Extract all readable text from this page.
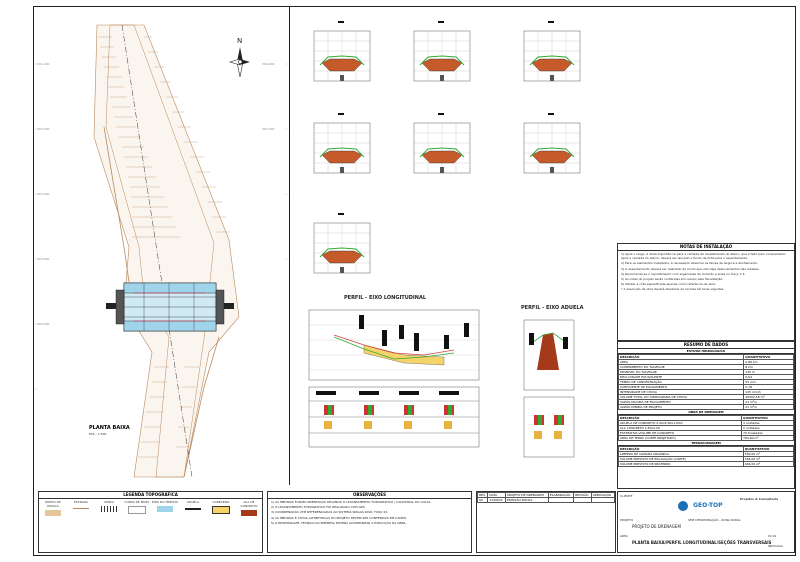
N
PLANTA BAIXA
ESC.: 1:500
301.000
302.000
303.000
304.000
305.000
306.000
307.000
PERFIL - EIXO LONGITUDINAL
PERFIL - EIXO ADUELA
NOTAS DE INSTALAÇÃO
1) Após o rasgo, é dada importância para a camada de revestimento do aterro, que é feito pelo compactador. Após a camada do aterro, deverá ser lançado o fundo de brita para o assentamento.
2) Para os elementos instalados, é necessário observar as faixas de largura e alinhamento.
3) O assentamento deverá ser realizado de modo que não haja deslocamentos das aduelas.
4) Recomenda-se o rejuntamento com argamassa de cimento e areia no traço 1:3.
5) As cotas do projeto serão conferidas em campo pela fiscalização.
6) Utilizar a cota especificada apenas como referência de obra.
* A execução da obra deverá obedecer às normas técnicas vigentes.
RESUMO DE DADOS
ESTUDO HIDROLÓGICO
DESCRIÇÃO	QUANTITATIVO
ÁREA	2,86 km
COMPRIMENTO DO TALVEGUE	8 km
DESNÍVEL DO TALVEGUE	135 m
DECLIVIDADE EQUIVALENTE	0,04
TEMPO DE CONCENTRAÇÃO	55 min
COEFICIENTE DE ESCOAMENTO	0,18
INTENSIDADE DE CHUVA	125 mm/h
VOLUME TOTAL DO HIDROGRAMA DE CHUVA	46302,58 m³
VAZÃO MÁXIMA DE ESCOAMENTO	21 m³/s
VAZÃO MÍNIMA DE PROJETO	21 m³/s
OBRA DE DRENAGEM
DESCRIÇÃO	QUANTITATIVO
ADUELA DE CONCRETO 2,50x2,50x1,00m	3 unidades
ALA CONCRETO 2,50x2,50	2 unidades
ESTIMATIVA VOLUME DE CONCRETO	70 toneladas
ÁREA DE TERRA (CORTE PROJETADO)	764,00 m³
TERRAPLENAGEM
DESCRIÇÃO	QUANTITATIVO
LIMPEZA DE CAMADA ORGÂNICA	530,00 m²
VOLUME PREVISTO DE ESCAVAÇÃO (CORTE)	764,00 m³
VOLUME PREVISTO DE REATERRO	904,00 m³
LEGENDA TOPOGRÁFICA
PONTO DE ESTACA
ESTRADA	CERCA	CURVA DE NÍVEL EIXO DO TRECHO	ADUELA	CABECEIRA	ALA DE CONCRETO
OBSERVAÇÕES
1) AS MEDIDAS FORAM ORIENTADAS SEGUNDO O LEVANTAMENTO TOPOGRÁFICO / CADASTRAL DO LOCAL.
2) O LEVANTAMENTO TOPOGRÁFICO FOI REALIZADO COM GPS.
3) COORDENADAS UTM REFERENCIADAS AO SISTEMA SIRGAS 2000, FUSO 23.
4) AS MEDIDAS E COTAS ALTIMÉTRICAS DO PROJETO DEVEM SER CONFERIDAS EM CAMPO.
5) O RESPONSÁVEL TÉCNICO DA EMPRESA DEVERÁ ACOMPANHAR A EXECUÇÃO DA OBRA.
REV.	DATA	PROJETO DE DRENAGEM	ELABORAÇÃO	REVISÃO	APROVAÇÃO
00	17/08/21	EMISSÃO INICIAL			
CLIENTE
GEO-TOP
Projetos & Consultoria
PROJETO
PROJETO DE DRENAGEM
SEM DENOMINAÇÃO - ZONA RURAL
ÁREA
PLANTA BAIXA/PERFIL LONGITUDINAL/SEÇÕES TRANSVERSAIS
01/01
INDICADA
